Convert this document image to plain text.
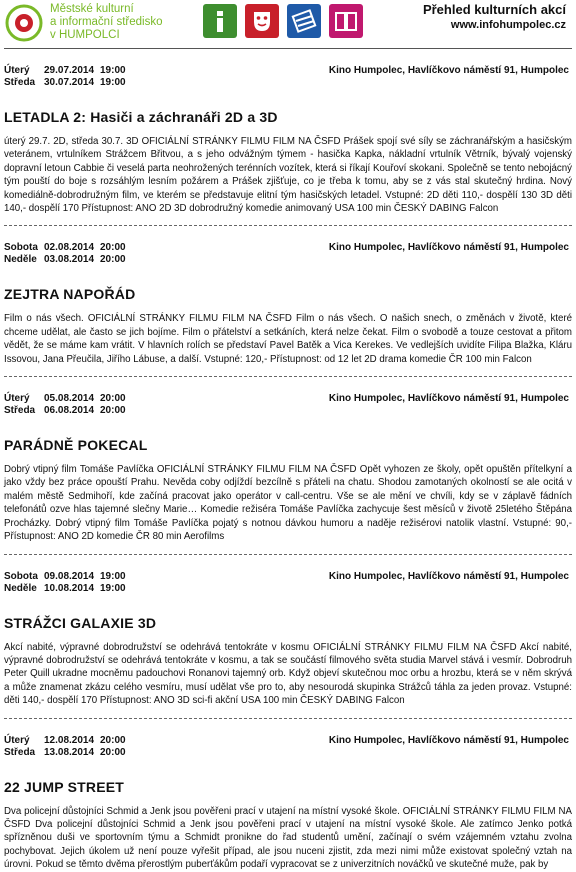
Městské kulturní
a informační středisko
v HUMPOLCI
Přehled kulturních akcí
www.infohumpolec.cz
Úterý 29.07.2014 19:00
Středa 30.07.2014 19:00
Kino Humpolec, Havlíčkovo náměstí 91, Humpolec
LETADLA 2: Hasiči a záchranáři 2D a 3D
úterý 29.7. 2D, středa 30.7. 3D OFICIÁLNÍ STRÁNKY FILMU FILM NA ČSFD Prášek spojí své síly se záchranářským a hasičským veteránem, vrtulníkem Strážcem Břitvou, a s jeho odvážným týmem - hasička Kapka, nákladní vrtulník Větrník, bývalý vojenský dopravní letoun Cabbie či veselá parta neohrožených terénních vozítek, která si říkají Kouřoví skokani. Společně se tento nebojácný tým pouští do boje s rozsáhlým lesním požárem a Prášek zjišťuje, co je třeba k tomu, aby se z vás stal skutečný hrdina. Nový komediálně-dobrodružným film, ve kterém se představuje elitní tým hasičských letadel. Vstupné: 2D děti 110,- dospělí 130 3D děti 140,- dospělí 170 Přístupnost: ANO 2D 3D dobrodružný komedie animovaný USA 100 min ČESKÝ DABING Falcon
Sobota 02.08.2014 20:00
Neděle 03.08.2014 20:00
Kino Humpolec, Havlíčkovo náměstí 91, Humpolec
ZEJTRA NAPOŘÁD
Film o nás všech. OFICIÁLNÍ STRÁNKY FILMU FILM NA ČSFD Film o nás všech. O našich snech, o změnách v životě, které chceme udělat, ale často se jich bojíme. Film o přátelství a setkáních, která nelze čekat. Film o svobodě a touze cestovat a přitom vědět, že se máme kam vrátit. V hlavních rolích se představí Pavel Batěk a Vica Kerekes. Ve vedlejších uvidíte Filipa Blažka, Kláru Issovou, Jana Přeučila, Jiřího Lábuse, a další. Vstupné: 120,- Přístupnost: od 12 let 2D drama komedie ČR 100 min Falcon
Úterý 05.08.2014 20:00
Středa 06.08.2014 20:00
Kino Humpolec, Havlíčkovo náměstí 91, Humpolec
PARÁDNĚ POKECAL
Dobrý vtipný film Tomáše Pavlíčka OFICIÁLNÍ STRÁNKY FILMU FILM NA ČSFD Opět vyhozen ze školy, opět opuštěn přítelkyní a jako vždy bez práce opouští Prahu. Nevěda coby odjíždí bezcílně s přáteli na chatu. Shodou zamotaných okolností se ale ocitá v malém městě Sedmihoří, kde začíná pracovat jako operátor v call-centru. Vše se ale mění ve chvíli, kdy se v záplavě fádních telefonátů ozve hlas tajemné slečny Marie… Komedie režiséra Tomáše Pavlíčka zachycuje šest měsíců v životě 25letého Štěpána Procházky. Dobrý vtipný film Tomáše Pavlíčka pojatý s notnou dávkou humoru a naděje režisérovi natolik vlastní. Vstupné: 90,- Přístupnost: ANO 2D komedie ČR 80 min Aerofilms
Sobota 09.08.2014 19:00
Neděle 10.08.2014 19:00
Kino Humpolec, Havlíčkovo náměstí 91, Humpolec
STRÁŽCI GALAXIE 3D
Akcí nabité, výpravné dobrodružství se odehrává tentokráte v kosmu OFICIÁLNÍ STRÁNKY FILMU FILM NA ČSFD Akcí nabité, výpravné dobrodružství se odehrává tentokráte v kosmu, a tak se součástí filmového světa studia Marvel stává i vesmír. Dobrodruh Peter Quill ukradne mocněmu padouchovi Ronanovi tajemný orb. Když objeví skutečnou moc orbu a hrozbu, která se v něm skrývá a může znamenat zkázu celého vesmíru, musí udělat vše pro to, aby nesourodá skupinka Strážců táhla za jeden provaz. Vstupné: děti 140,- dospělí 170 Přístupnost: ANO 3D sci-fi akční USA 100 min ČESKÝ DABING Falcon
Úterý 12.08.2014 20:00
Středa 13.08.2014 20:00
Kino Humpolec, Havlíčkovo náměstí 91, Humpolec
22 JUMP STREET
Dva policejní důstojníci Schmid a Jenk jsou pověřeni prací v utajení na místní vysoké škole. OFICIÁLNÍ STRÁNKY FILMU FILM NA ČSFD Dva policejní důstojníci Schmid a Jenk jsou pověřeni prací v utajení na místní vysoké škole. Ale zatímco Jenko potká spřízněnou duši ve sportovním týmu a Schmidt pronikne do řad studentů umění, začínají o svém vzájemném vztahu zvolna pochybovat. Jejich úkolem už není pouze vyřešit případ, ale jsou nuceni zjistit, zda mezi nimi může existovat společný vztah na úrovni. Pokud se těmto dvěma přerostlým puberťákům podaří vypracovat se z univerzitních nováčků ve skutečné muže, pak by
